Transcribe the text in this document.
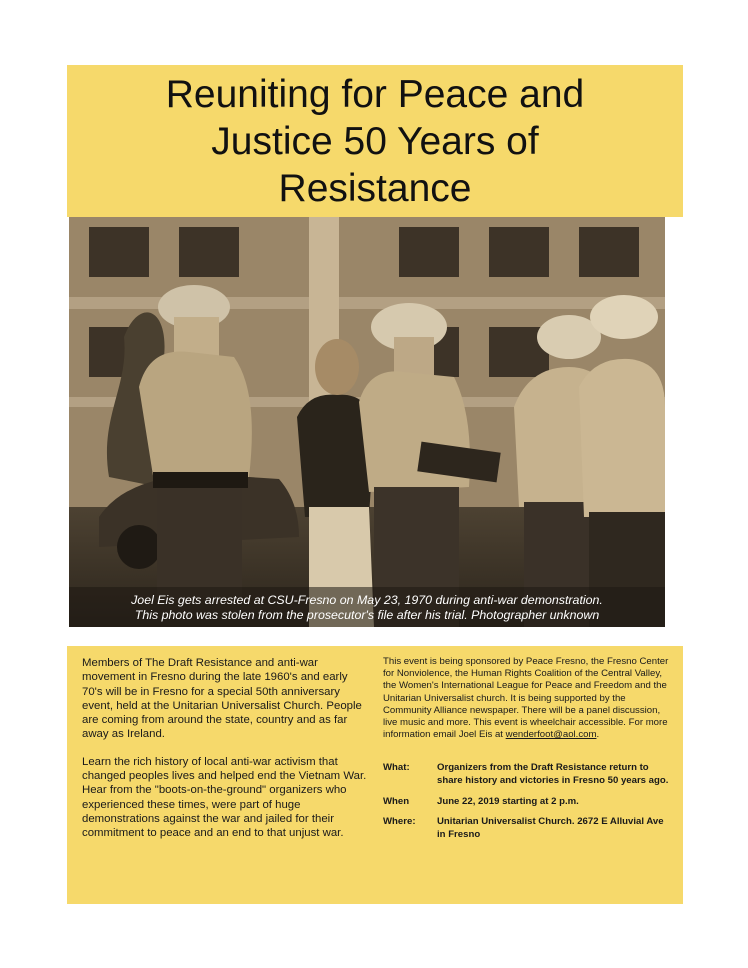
Reuniting for Peace and
Justice 50 Years of
Resistance
Joel Eis gets arrested at CSU-Fresno on May 23, 1970 during anti-war demonstration.
This photo was stolen from the prosecutor's file after his trial. Photographer unknown

Members of The Draft Resistance and anti-war movement in Fresno during the late 1960's and early 70's will be in Fresno for a special 50th anniversary event, held at the Unitarian Universalist Church. People are coming from around the state, country and as far away as Ireland.

Learn the rich history of local anti-war activism that changed peoples lives and helped end the Vietnam War. Hear from the "boots-on-the-ground" organizers who experienced these times, were part of huge demonstrations against the war and jailed for their commitment to peace and an end to that unjust war.

This event is being sponsored by Peace Fresno, the Fresno Center for Nonviolence, the Human Rights Coalition of the Central Valley, the Women's International League for Peace and Freedom and the Unitarian Universalist church. It is being supported by the Community Alliance newspaper. There will be a panel discussion, live music and more. This event is wheelchair accessible. For more information email Joel Eis at wenderfoot@aol.com.

What:	Organizers from the Draft Resistance return to share history and victories in Fresno 50 years ago.
When	June 22, 2019 starting at 2 p.m.
Where:	Unitarian Universalist Church. 2672 E Alluvial Ave in Fresno
